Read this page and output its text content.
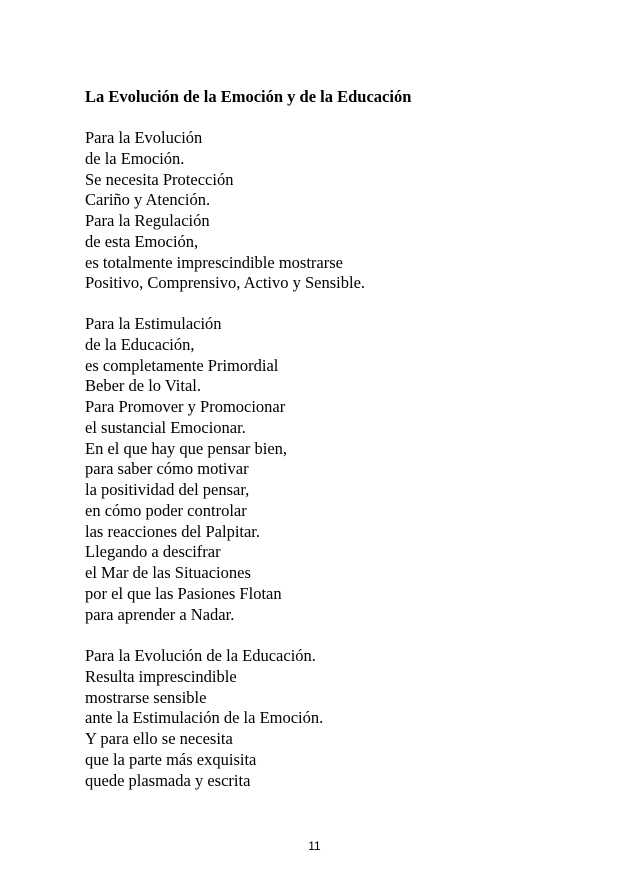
La Evolución de la Emoción y de la Educación
Para la Evolución
de la Emoción.
Se necesita Protección
Cariño y Atención.
Para la Regulación
de esta Emoción,
es totalmente imprescindible mostrarse
Positivo, Comprensivo, Activo y Sensible.
Para la Estimulación
de la Educación,
es completamente Primordial
Beber de lo Vital.
Para Promover y Promocionar
el sustancial Emocionar.
En el que hay que pensar bien,
para saber cómo motivar
la positividad del pensar,
en cómo poder controlar
las reacciones del Palpitar.
Llegando a descifrar
el Mar de las Situaciones
por el que las Pasiones Flotan
para aprender a Nadar.
Para la Evolución de la Educación.
Resulta imprescindible
mostrarse sensible
ante la Estimulación de la Emoción.
Y para ello se necesita
que la parte más exquisita
quede plasmada y escrita
11
